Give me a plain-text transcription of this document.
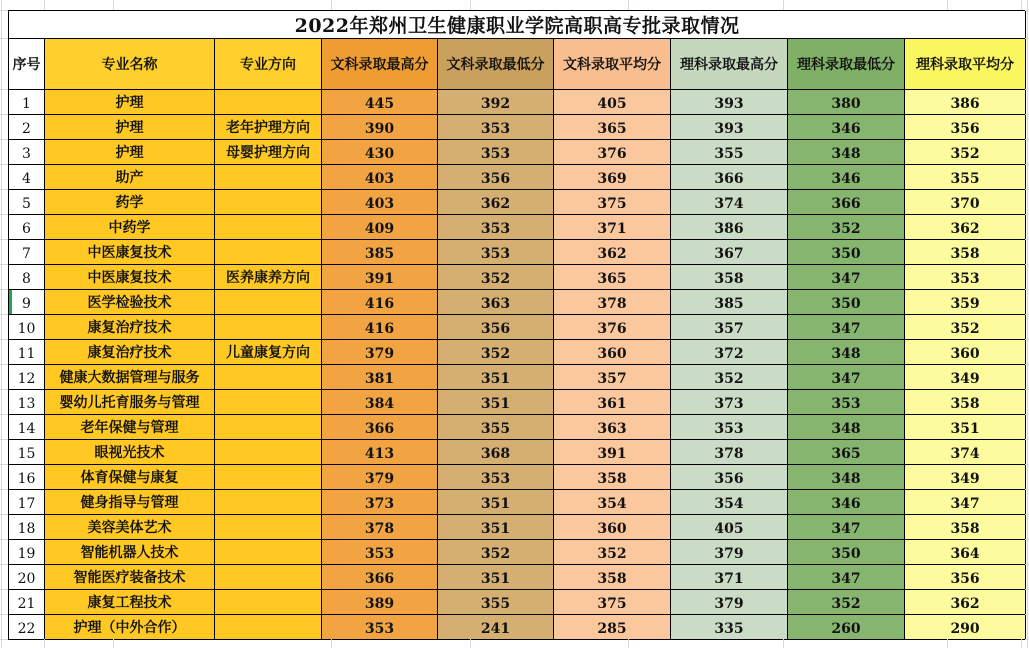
2022年郑州卫生健康职业学院高职高专批录取情况								
序号	专业名称	专业方向	文科录取最高分	文科录取最低分	文科录取平均分	理科录取最高分	理科录取最低分	理科录取平均分
1	护理		445	392	405	393	380	386
2	护理	老年护理方向	390	353	365	393	346	356
3	护理	母婴护理方向	430	353	376	355	348	352
4	助产		403	356	369	366	346	355
5	药学		403	362	375	374	366	370
6	中药学		409	353	371	386	352	362
7	中医康复技术		385	353	362	367	350	358
8	中医康复技术	医养康养方向	391	352	365	358	347	353
9	医学检验技术		416	363	378	385	350	359
10	康复治疗技术		416	356	376	357	347	352
11	康复治疗技术	儿童康复方向	379	352	360	372	348	360
12	健康大数据管理与服务		381	351	357	352	347	349
13	婴幼儿托育服务与管理		384	351	361	373	353	358
14	老年保健与管理		366	355	363	353	348	351
15	眼视光技术		413	368	391	378	365	374
16	体育保健与康复		379	353	358	356	348	349
17	健身指导与管理		373	351	354	354	346	347
18	美容美体艺术		378	351	360	405	347	358
19	智能机器人技术		353	352	352	379	350	364
20	智能医疗装备技术		366	351	358	371	347	356
21	康复工程技术		389	355	375	379	352	362
22	护理（中外合作）		353	241	285	335	260	290
